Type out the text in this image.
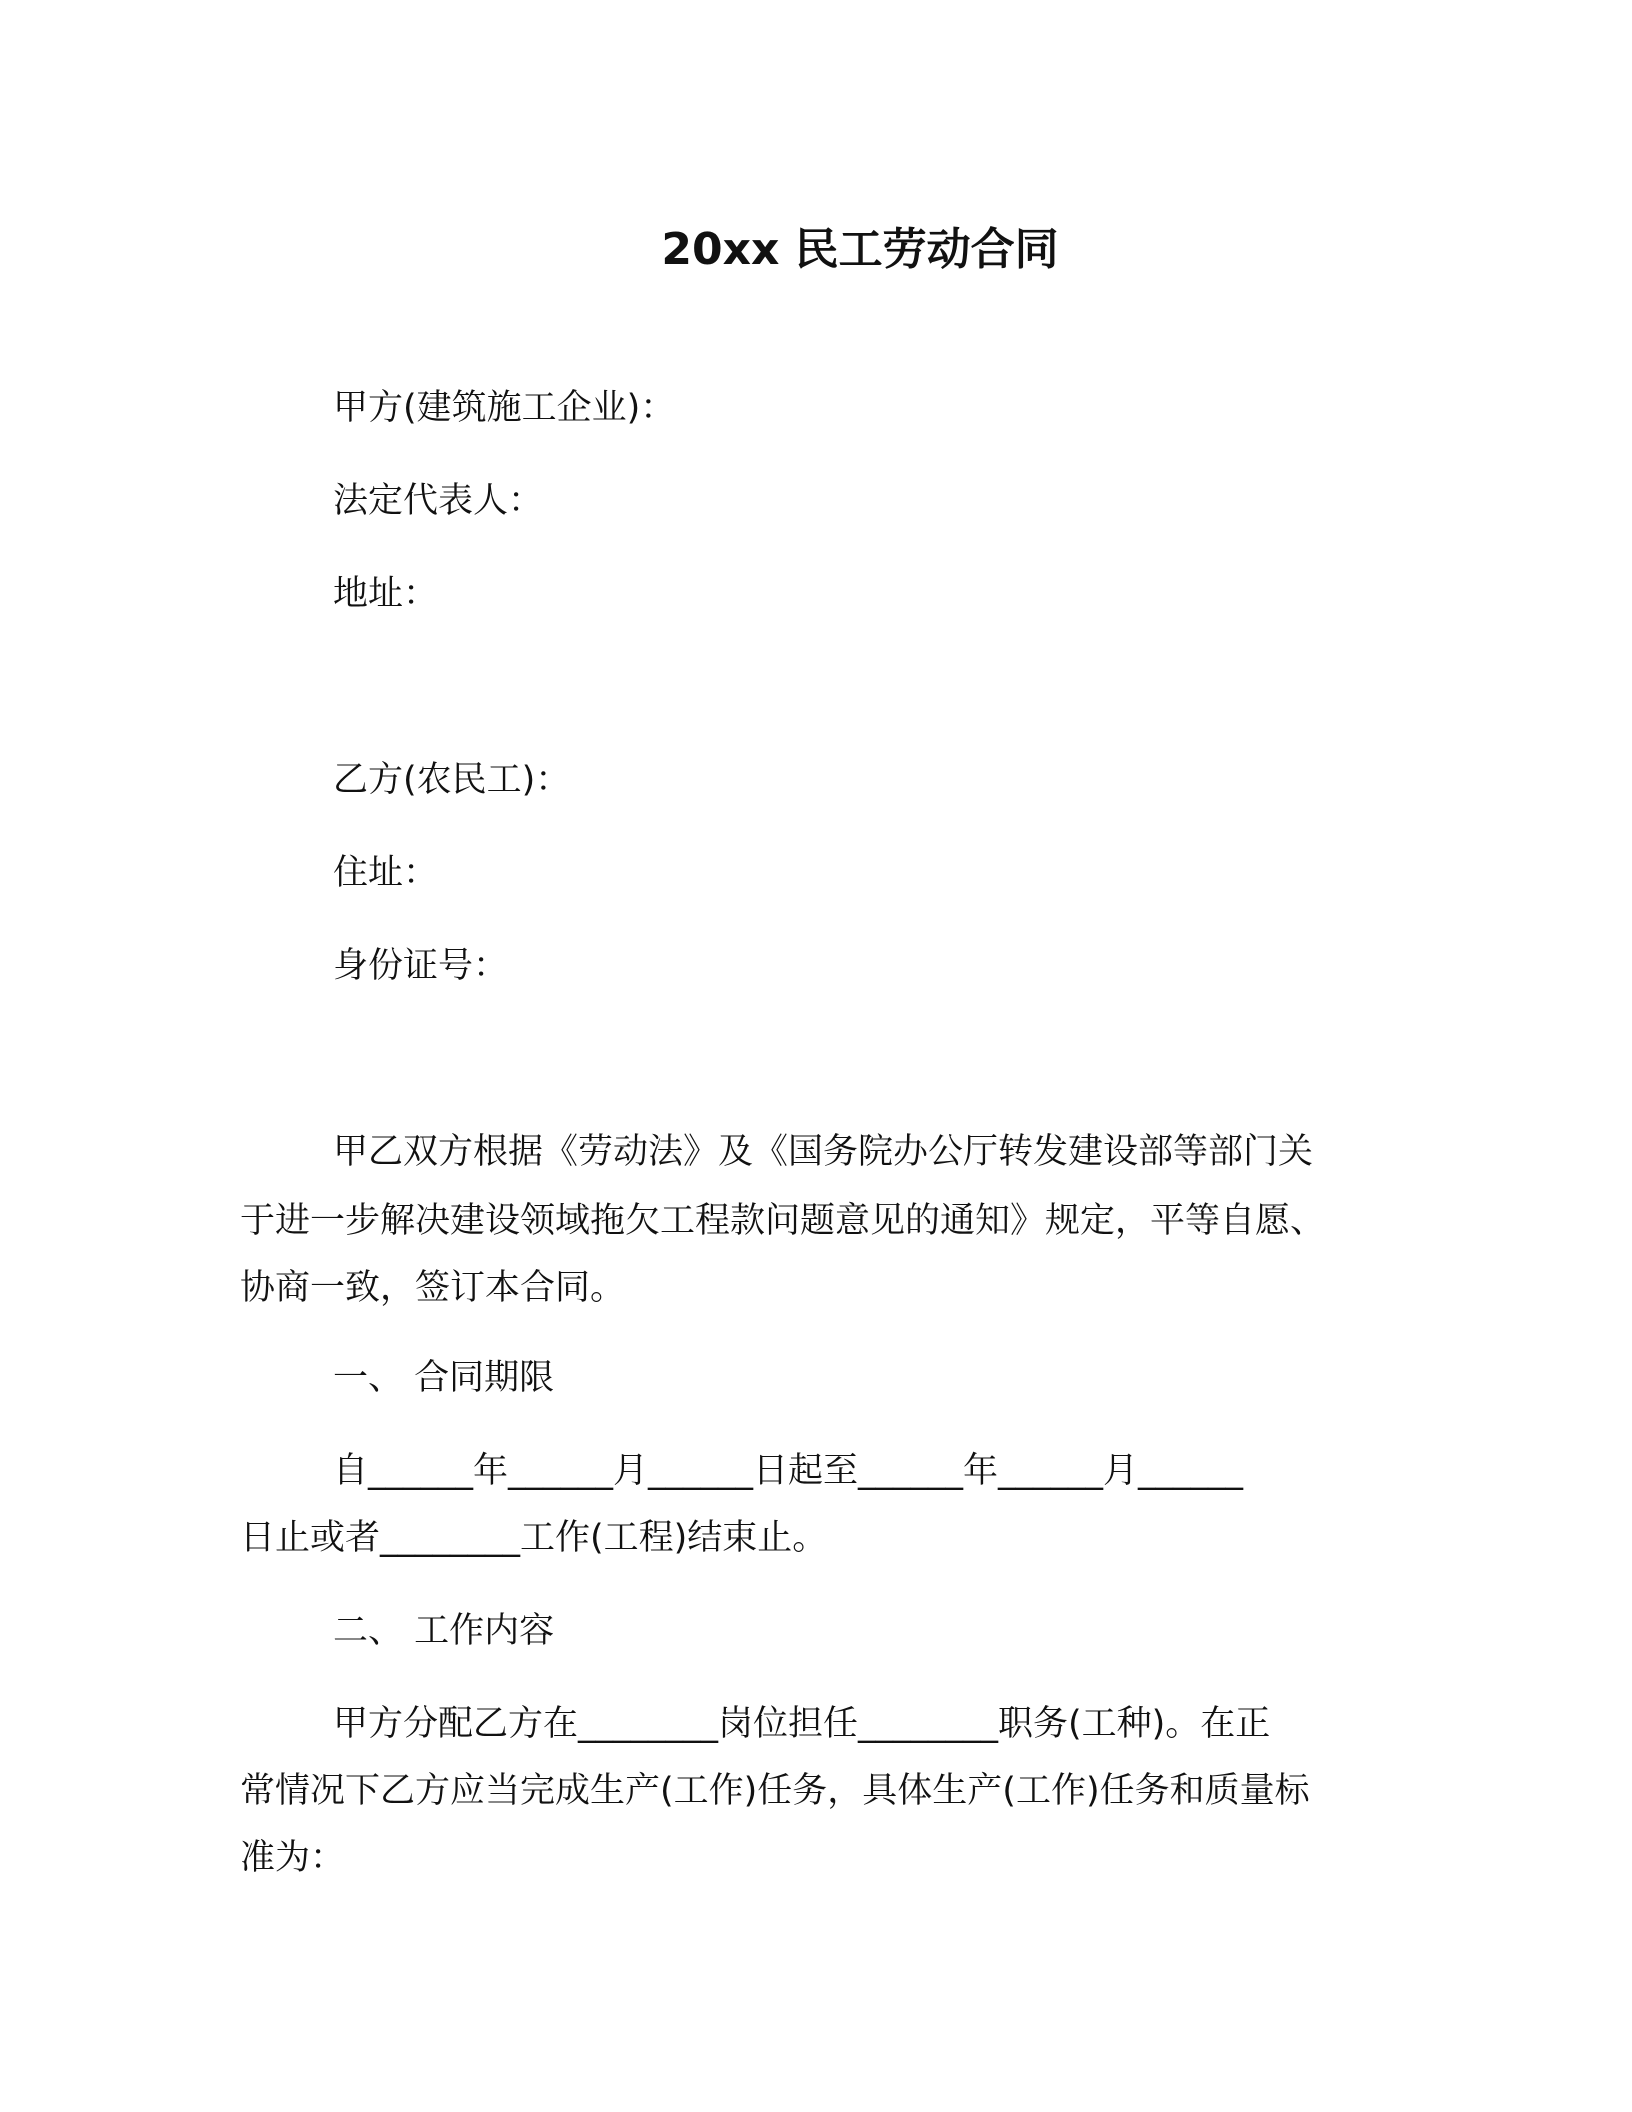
20xx 民工劳动合同
甲方(建筑施工企业)：
法定代表人：
地址：
乙方(农民工)：
住址：
身份证号：
甲乙双方根据《劳动法》及《国务院办公厅转发建设部等部门关
于进一步解决建设领域拖欠工程款问题意见的通知》规定，平等自愿、
协商一致，签订本合同。
一、 合同期限
自______年______月______日起至______年______月______
日止或者________工作(工程)结束止。
二、 工作内容
甲方分配乙方在________岗位担任________职务(工种)。在正
常情况下乙方应当完成生产(工作)任务，具体生产(工作)任务和质量标
准为：
